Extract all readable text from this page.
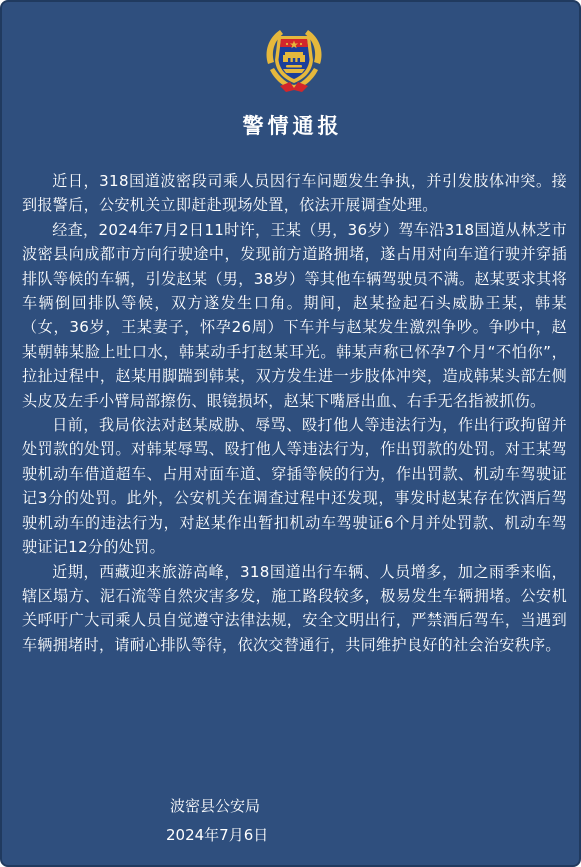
警情通报

近日，318国道波密段司乘人员因行车问题发生争执，并引发肢体冲突。接到报警后，公安机关立即赶赴现场处置，依法开展调查处理。

经查，2024年7月2日11时许，王某（男，36岁）驾车沿318国道从林芝市波密县向成都市方向行驶途中，发现前方道路拥堵，遂占用对向车道行驶并穿插排队等候的车辆，引发赵某（男，38岁）等其他车辆驾驶员不满。赵某要求其将车辆倒回排队等候，双方遂发生口角。期间，赵某捡起石头威胁王某，韩某（女，36岁，王某妻子，怀孕26周）下车并与赵某发生激烈争吵。争吵中，赵某朝韩某脸上吐口水，韩某动手打赵某耳光。韩某声称已怀孕7个月“不怕你”，拉扯过程中，赵某用脚踹到韩某，双方发生进一步肢体冲突，造成韩某头部左侧头皮及左手小臂局部擦伤、眼镜损坏，赵某下嘴唇出血、右手无名指被抓伤。

日前，我局依法对赵某威胁、辱骂、殴打他人等违法行为，作出行政拘留并处罚款的处罚。对韩某辱骂、殴打他人等违法行为，作出罚款的处罚。对王某驾驶机动车借道超车、占用对面车道、穿插等候的行为，作出罚款、机动车驾驶证记3分的处罚。此外，公安机关在调查过程中还发现，事发时赵某存在饮酒后驾驶机动车的违法行为，对赵某作出暂扣机动车驾驶证6个月并处罚款、机动车驾驶证记12分的处罚。

近期，西藏迎来旅游高峰，318国道出行车辆、人员增多，加之雨季来临，辖区塌方、泥石流等自然灾害多发，施工路段较多，极易发生车辆拥堵。公安机关呼吁广大司乘人员自觉遵守法律法规，安全文明出行，严禁酒后驾车，当遇到车辆拥堵时，请耐心排队等待，依次交替通行，共同维护良好的社会治安秩序。

波密县公安局
2024年7月6日
